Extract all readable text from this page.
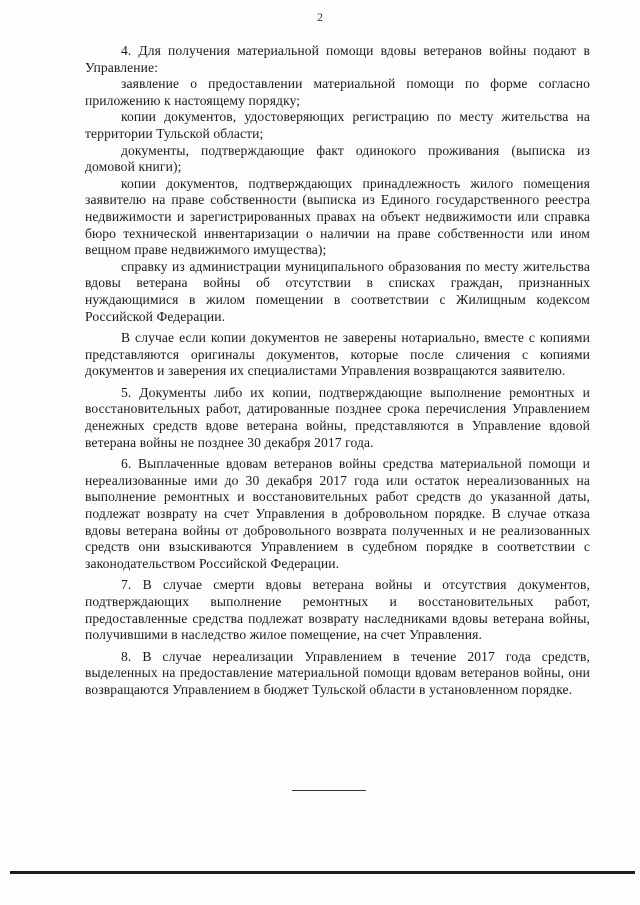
2

4. Для получения материальной помощи вдовы ветеранов войны подают в Управление:

заявление о предоставлении материальной помощи по форме согласно приложению к настоящему порядку;

копии документов, удостоверяющих регистрацию по месту жительства на территории Тульской области;

документы, подтверждающие факт одинокого проживания (выписка из домовой книги);

копии документов, подтверждающих принадлежность жилого помещения заявителю на праве собственности (выписка из Единого государственного реестра недвижимости и зарегистрированных правах на объект недвижимости или справка бюро технической инвентаризации о наличии на праве собственности или ином вещном праве недвижимого имущества);

справку из администрации муниципального образования по месту жительства вдовы ветерана войны об отсутствии в списках граждан, признанных нуждающимися в жилом помещении в соответствии с Жилищным кодексом Российской Федерации.

В случае если копии документов не заверены нотариально, вместе с копиями представляются оригиналы документов, которые после сличения с копиями документов и заверения их специалистами Управления возвращаются заявителю.

5. Документы либо их копии, подтверждающие выполнение ремонтных и восстановительных работ, датированные позднее срока перечисления Управлением денежных средств вдове ветерана войны, представляются в Управление вдовой ветерана войны не позднее 30 декабря 2017 года.

6. Выплаченные вдовам ветеранов войны средства материальной помощи и нереализованные ими до 30 декабря 2017 года или остаток нереализованных на выполнение ремонтных и восстановительных работ средств до указанной даты, подлежат возврату на счет Управления в добровольном порядке. В случае отказа вдовы ветерана войны от добровольного возврата полученных и не реализованных средств они взыскиваются Управлением в судебном порядке в соответствии с законодательством Российской Федерации.

7. В случае смерти вдовы ветерана войны и отсутствия документов, подтверждающих выполнение ремонтных и восстановительных работ, предоставленные средства подлежат возврату наследниками вдовы ветерана войны, получившими в наследство жилое помещение, на счет Управления.

8. В случае нереализации Управлением в течение 2017 года средств, выделенных на предоставление материальной помощи вдовам ветеранов войны, они возвращаются Управлением в бюджет Тульской области в установленном порядке.
